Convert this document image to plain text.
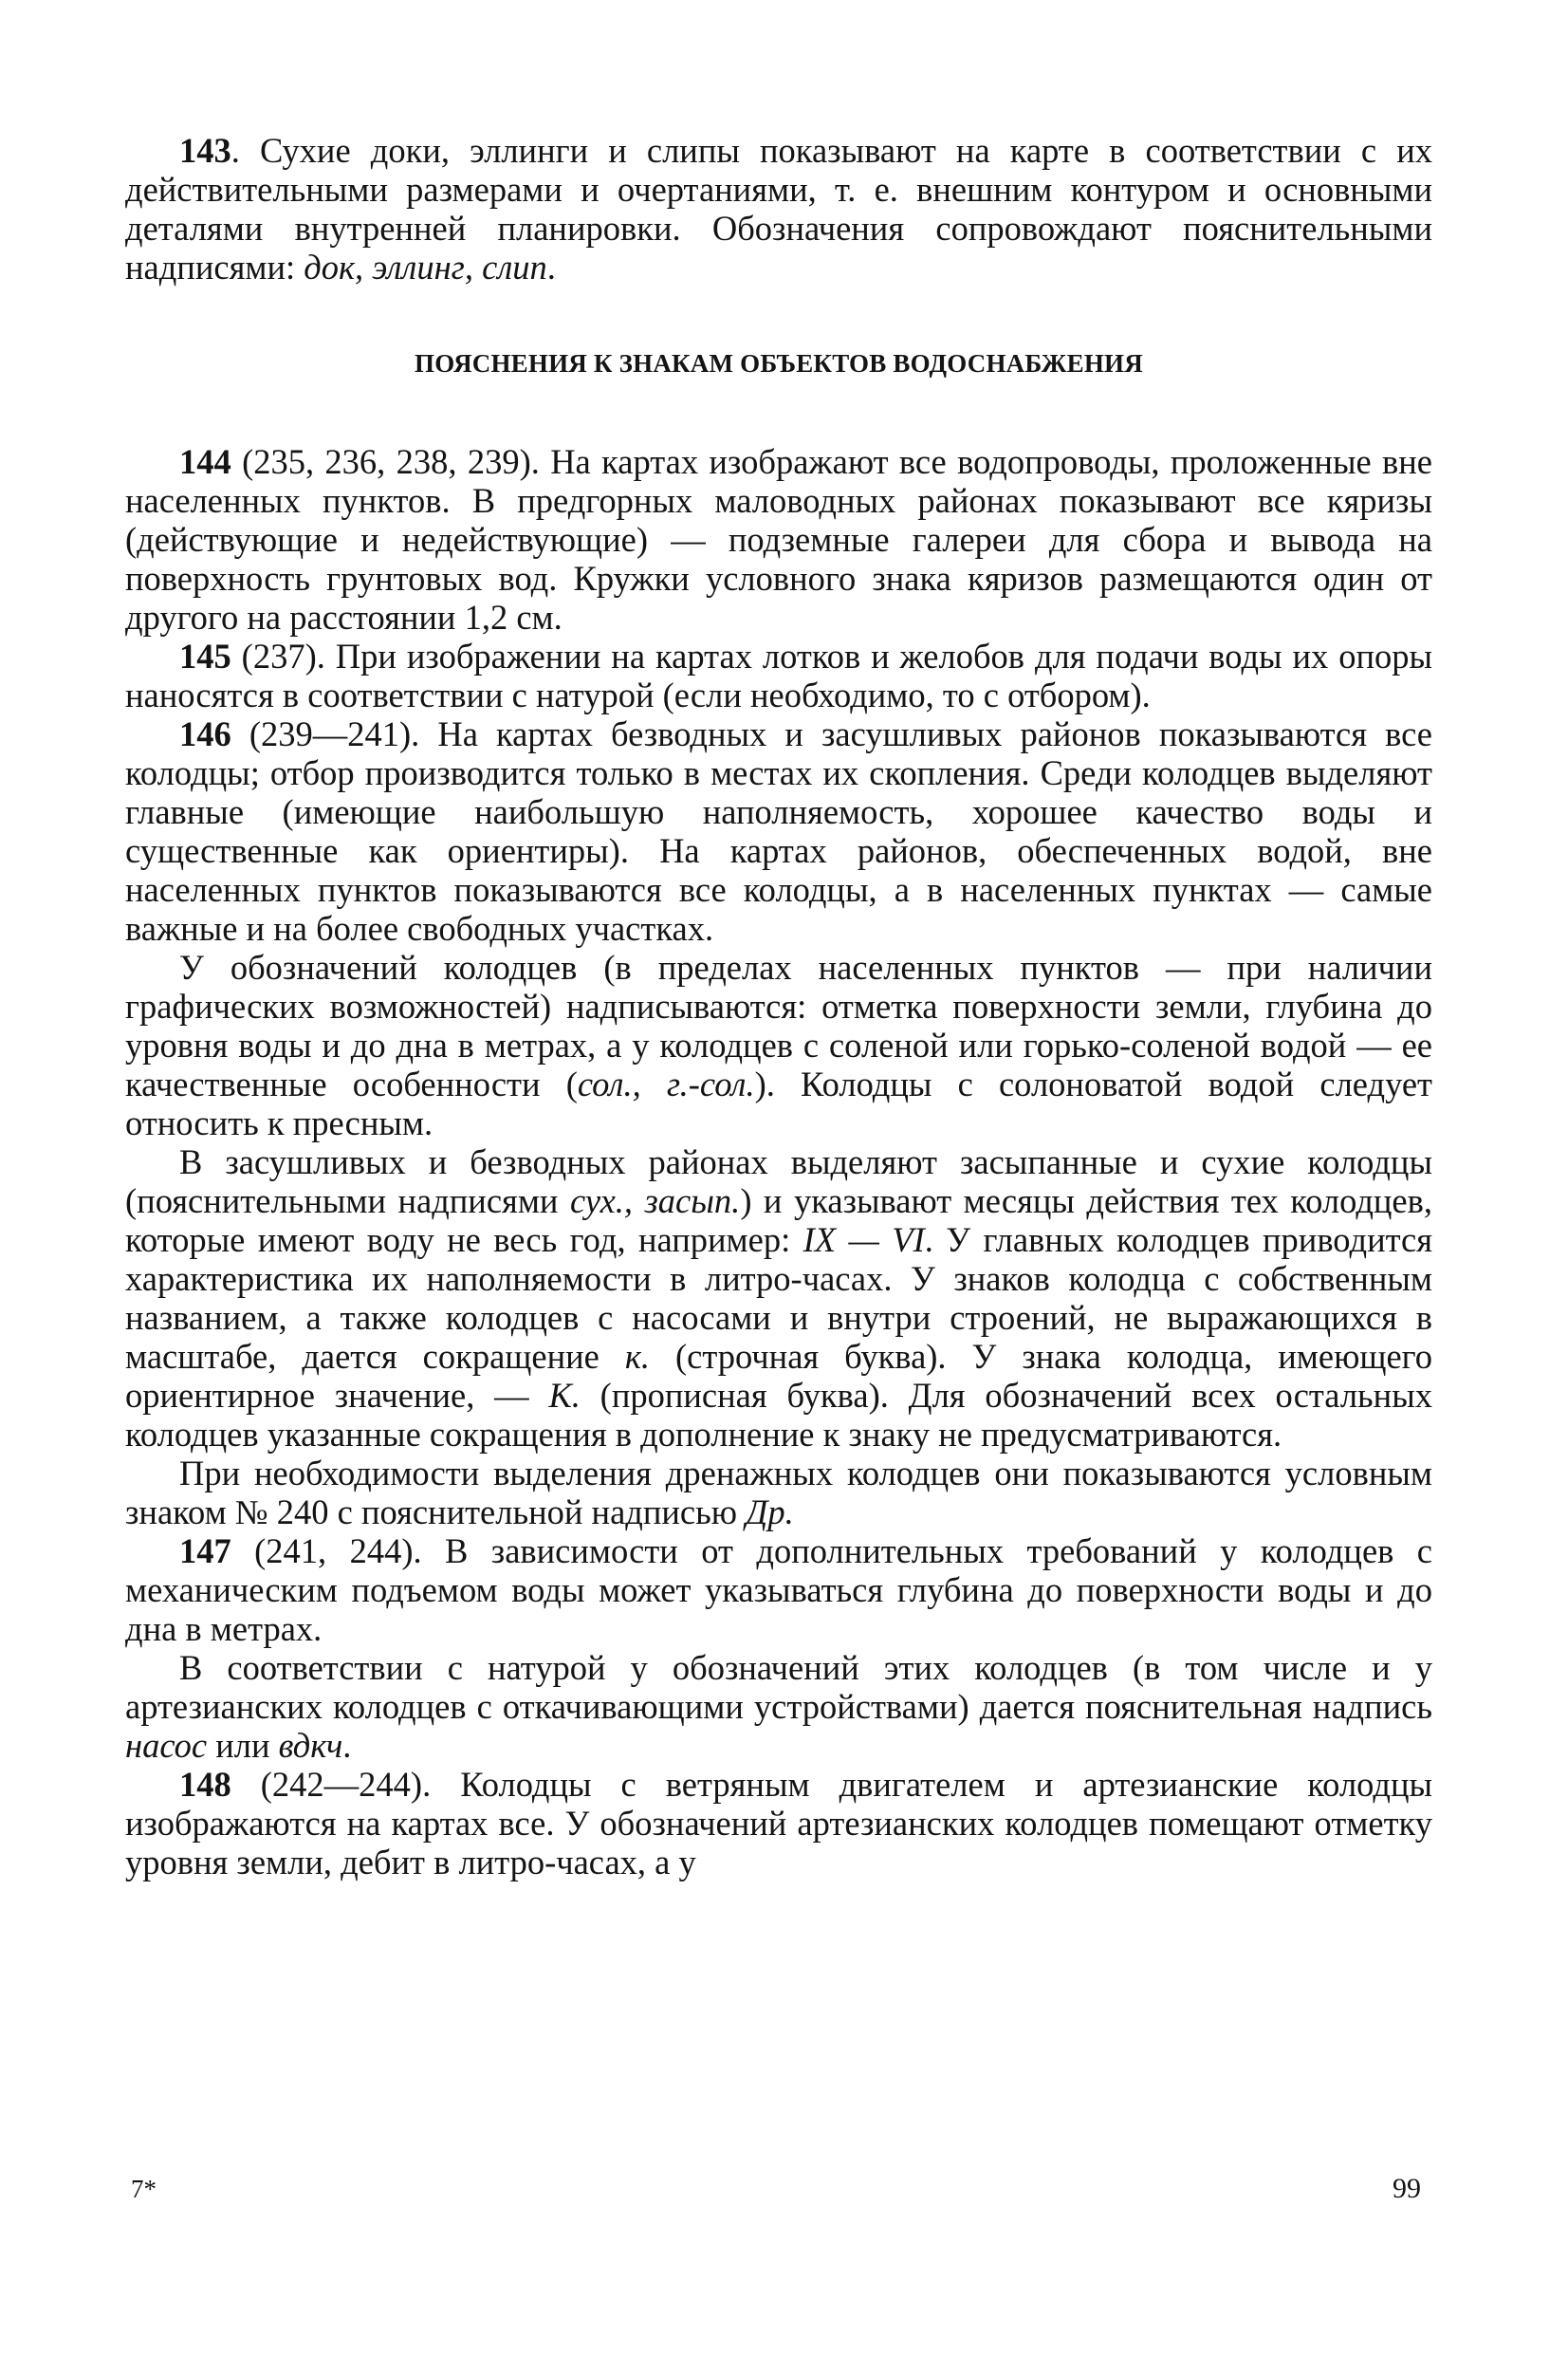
143. Сухие доки, эллинги и слипы показывают на карте в соответствии с их действительными размерами и очертаниями, т. е. внешним контуром и основными деталями внутренней планировки. Обозначения сопровождают пояснительными надписями: док, эллинг, слип.

ПОЯСНЕНИЯ К ЗНАКАМ ОБЪЕКТОВ ВОДОСНАБЖЕНИЯ

144 (235, 236, 238, 239). На картах изображают все водопроводы, проложенные вне населенных пунктов. В предгорных маловодных районах показывают все кяризы (действующие и недействующие) — подземные галереи для сбора и вывода на поверхность грунтовых вод. Кружки условного знака кяризов размещаются один от другого на расстоянии 1,2 см.

145 (237). При изображении на картах лотков и желобов для подачи воды их опоры наносятся в соответствии с натурой (если необходимо, то с отбором).

146 (239—241). На картах безводных и засушливых районов показываются все колодцы; отбор производится только в местах их скопления. Среди колодцев выделяют главные (имеющие наибольшую наполняемость, хорошее качество воды и существенные как ориентиры). На картах районов, обеспеченных водой, вне населенных пунктов показываются все колодцы, а в населенных пунктах — самые важные и на более свободных участках.

У обозначений колодцев (в пределах населенных пунктов — при наличии графических возможностей) надписываются: отметка поверхности земли, глубина до уровня воды и до дна в метрах, а у колодцев с соленой или горько-соленой водой — ее качественные особенности (сол., г.-сол.). Колодцы с солоноватой водой следует относить к пресным.

В засушливых и безводных районах выделяют засыпанные и сухие колодцы (пояснительными надписями сух., засып.) и указывают месяцы действия тех колодцев, которые имеют воду не весь год, например: IX — VI. У главных колодцев приводится характеристика их наполняемости в литро-часах. У знаков колодца с собственным названием, а также колодцев с насосами и внутри строений, не выражающихся в масштабе, дается сокращение к. (строчная буква). У знака колодца, имеющего ориентирное значение, — К. (прописная буква). Для обозначений всех остальных колодцев указанные сокращения в дополнение к знаку не предусматриваются.

При необходимости выделения дренажных колодцев они показываются условным знаком № 240 с пояснительной надписью Др.

147 (241, 244). В зависимости от дополнительных требований у колодцев с механическим подъемом воды может указываться глубина до поверхности воды и до дна в метрах.

В соответствии с натурой у обозначений этих колодцев (в том числе и у артезианских колодцев с откачивающими устройствами) дается пояснительная надпись насос или вдкч.

148 (242—244). Колодцы с ветряным двигателем и артезианские колодцы изображаются на картах все. У обозначений артезианских колодцев помещают отметку уровня земли, дебит в литро-часах, а у

7*	99
